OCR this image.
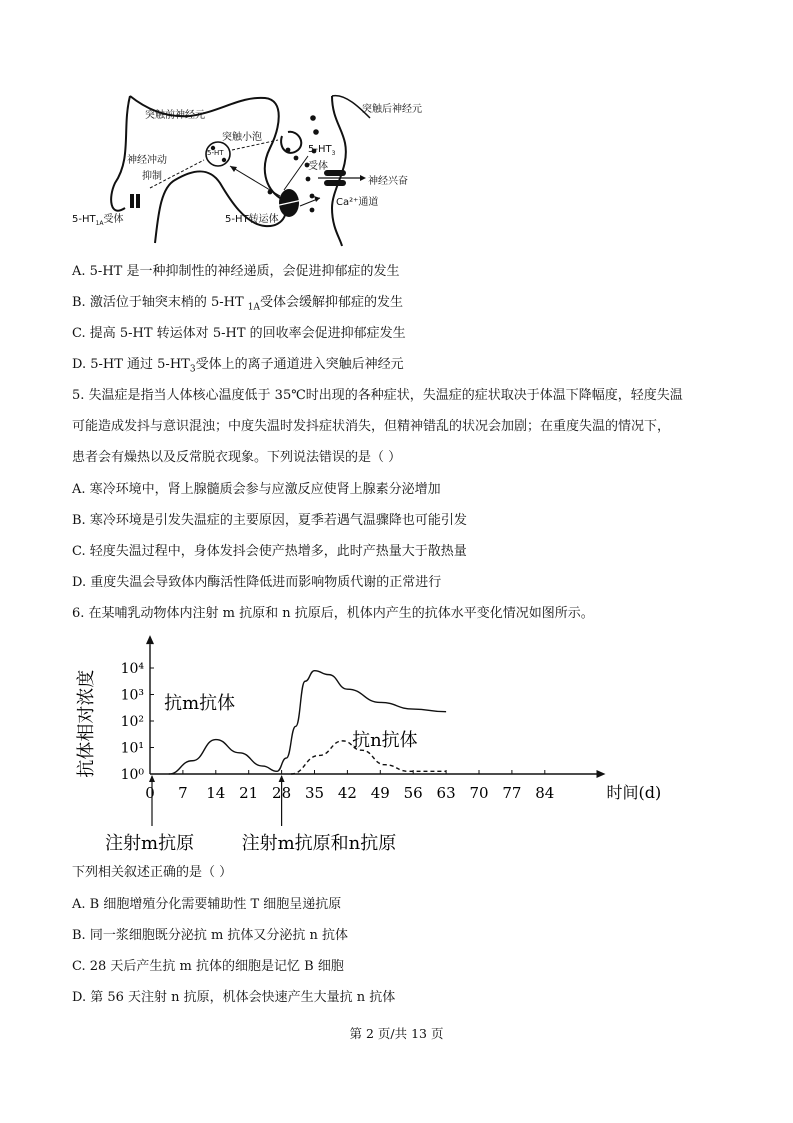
突触前神经元
突触后神经元
突触小泡
神经冲动
抑制
5-HT
$5-HT_{1A}$受体
$5-HT_3$
受体
神经兴奋
5-HT转运体
Ca²⁺通道
A. 5-HT 是一种抑制性的神经递质，会促进抑郁症的发生
B. 激活位于轴突末梢的 5-HT $_{1A}$受体会缓解抑郁症的发生
C. 提高 5-HT 转运体对 5-HT 的回收率会促进抑郁症发生
D. 5-HT 通过 $5-HT_3$受体上的离子通道进入突触后神经元
5. 失温症是指当人体核心温度低于 35℃时出现的各种症状，失温症的症状取决于体温下降幅度，轻度失温
可能造成发抖与意识混浊；中度失温时发抖症状消失，但精神错乱的状况会加剧；在重度失温的情况下，
患者会有燥热以及反常脱衣现象。下列说法错误的是（ ）
A. 寒冷环境中，肾上腺髓质会参与应激反应使肾上腺素分泌增加
B. 寒冷环境是引发失温症的主要原因，夏季若遇气温骤降也可能引发
C. 轻度失温过程中，身体发抖会使产热增多，此时产热量大于散热量
D. 重度失温会导致体内酶活性降低进而影响物质代谢的正常进行
6. 在某哺乳动物体内注射 m 抗原和 n 抗原后，机体内产生的抗体水平变化情况如图所示。
0 7 14 21 28 35 42 49 56 63 70 77 84	时间(d)
10⁰
10¹
10²
10³
10⁴
抗体相对浓度	抗m抗体
抗n抗体
注射m抗原	注射m抗原和n抗原
下列相关叙述正确的是（ ）
A. B 细胞增殖分化需要辅助性 T 细胞呈递抗原
B. 同一浆细胞既分泌抗 m 抗体又分泌抗 n 抗体
C. 28 天后产生抗 m 抗体的细胞是记忆 B 细胞
D. 第 56 天注射 n 抗原，机体会快速产生大量抗 n 抗体
第 2 页/共 13 页
